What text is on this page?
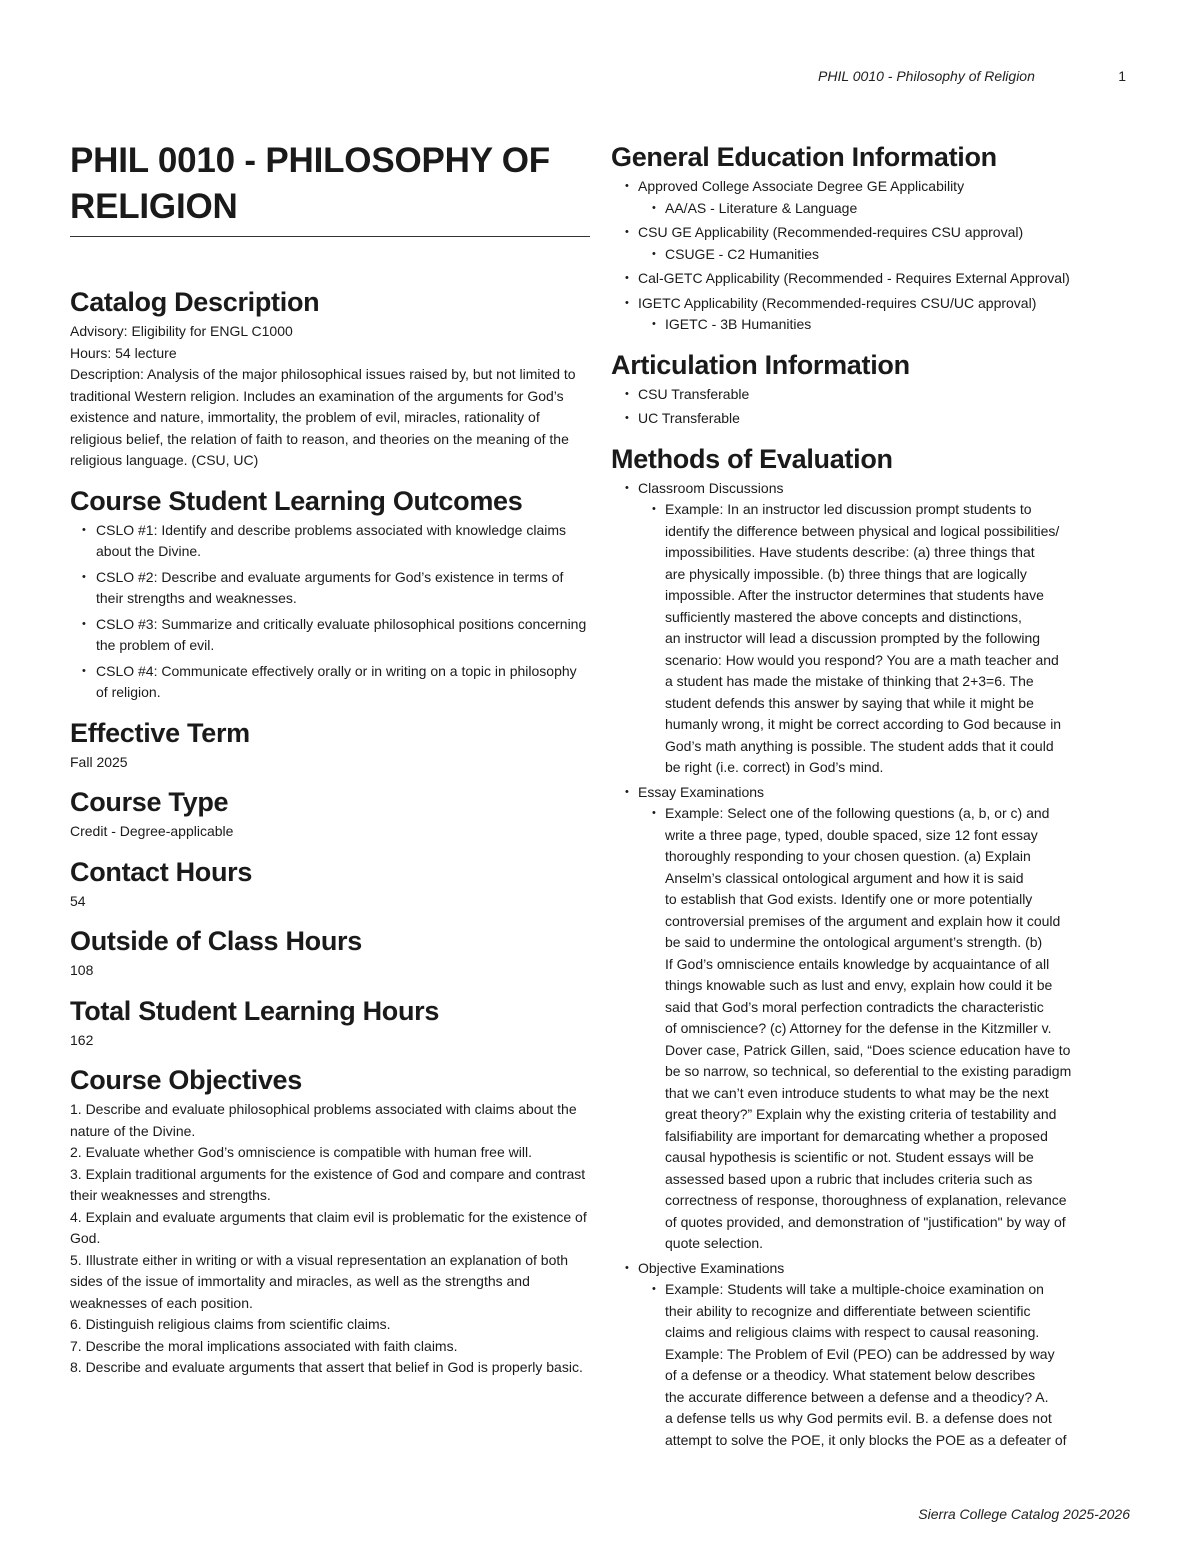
PHIL 0010 - Philosophy of Religion	1
PHIL 0010 - PHILOSOPHY OF RELIGION
Catalog Description

Advisory: Eligibility for ENGL C1000

Hours: 54 lecture

Description: Analysis of the major philosophical issues raised by, but not limited to traditional Western religion. Includes an examination of the arguments for God’s existence and nature, immortality, the problem of evil, miracles, rationality of religious belief, the relation of faith to reason, and theories on the meaning of the religious language. (CSU, UC)

Course Student Learning Outcomes
• CSLO #1: Identify and describe problems associated with knowledge claims about the Divine.
• CSLO #2: Describe and evaluate arguments for God’s existence in terms of their strengths and weaknesses.
• CSLO #3: Summarize and critically evaluate philosophical positions concerning the problem of evil.
• CSLO #4: Communicate effectively orally or in writing on a topic in philosophy of religion.
Effective Term

Fall 2025

Course Type

Credit - Degree-applicable

Contact Hours

54

Outside of Class Hours

108

Total Student Learning Hours

162

Course Objectives

1. Describe and evaluate philosophical problems associated with claims about the nature of the Divine.

2. Evaluate whether God’s omniscience is compatible with human free will.

3. Explain traditional arguments for the existence of God and compare and contrast their weaknesses and strengths.

4. Explain and evaluate arguments that claim evil is problematic for the existence of God.

5. Illustrate either in writing or with a visual representation an explanation of both sides of the issue of immortality and miracles, as well as the strengths and weaknesses of each position.

6. Distinguish religious claims from scientific claims.

7. Describe the moral implications associated with faith claims.

8. Describe and evaluate arguments that assert that belief in God is properly basic.

General Education Information
• Approved College Associate Degree GE Applicability
• AA/AS - Literature & Language
• CSU GE Applicability (Recommended-requires CSU approval)
• CSUGE - C2 Humanities
• Cal-GETC Applicability (Recommended - Requires External Approval)
• IGETC Applicability (Recommended-requires CSU/UC approval)
• IGETC - 3B Humanities
Articulation Information
• CSU Transferable
• UC Transferable
Methods of Evaluation
• Classroom Discussions
• Example: In an instructor led discussion prompt students to
identify the difference between physical and logical possibilities/
impossibilities. Have students describe: (a) three things that
are physically impossible. (b) three things that are logically
impossible. After the instructor determines that students have
sufficiently mastered the above concepts and distinctions,
an instructor will lead a discussion prompted by the following
scenario: How would you respond? You are a math teacher and
a student has made the mistake of thinking that 2+3=6. The
student defends this answer by saying that while it might be
humanly wrong, it might be correct according to God because in
God’s math anything is possible. The student adds that it could
be right (i.e. correct) in God’s mind.
• Essay Examinations
• Example: Select one of the following questions (a, b, or c) and
write a three page, typed, double spaced, size 12 font essay
thoroughly responding to your chosen question. (a) Explain
Anselm’s classical ontological argument and how it is said
to establish that God exists. Identify one or more potentially
controversial premises of the argument and explain how it could
be said to undermine the ontological argument’s strength. (b)
If God’s omniscience entails knowledge by acquaintance of all
things knowable such as lust and envy, explain how could it be
said that God’s moral perfection contradicts the characteristic
of omniscience? (c) Attorney for the defense in the Kitzmiller v.
Dover case, Patrick Gillen, said, “Does science education have to
be so narrow, so technical, so deferential to the existing paradigm
that we can’t even introduce students to what may be the next
great theory?” Explain why the existing criteria of testability and
falsifiability are important for demarcating whether a proposed
causal hypothesis is scientific or not. Student essays will be
assessed based upon a rubric that includes criteria such as
correctness of response, thoroughness of explanation, relevance
of quotes provided, and demonstration of "justification" by way of
quote selection.
• Objective Examinations
• Example: Students will take a multiple-choice examination on
their ability to recognize and differentiate between scientific
claims and religious claims with respect to causal reasoning.
Example: The Problem of Evil (PEO) can be addressed by way
of a defense or a theodicy. What statement below describes
the accurate difference between a defense and a theodicy? A.
a defense tells us why God permits evil. B. a defense does not
attempt to solve the POE, it only blocks the POE as a defeater of
Sierra College Catalog 2025-2026
